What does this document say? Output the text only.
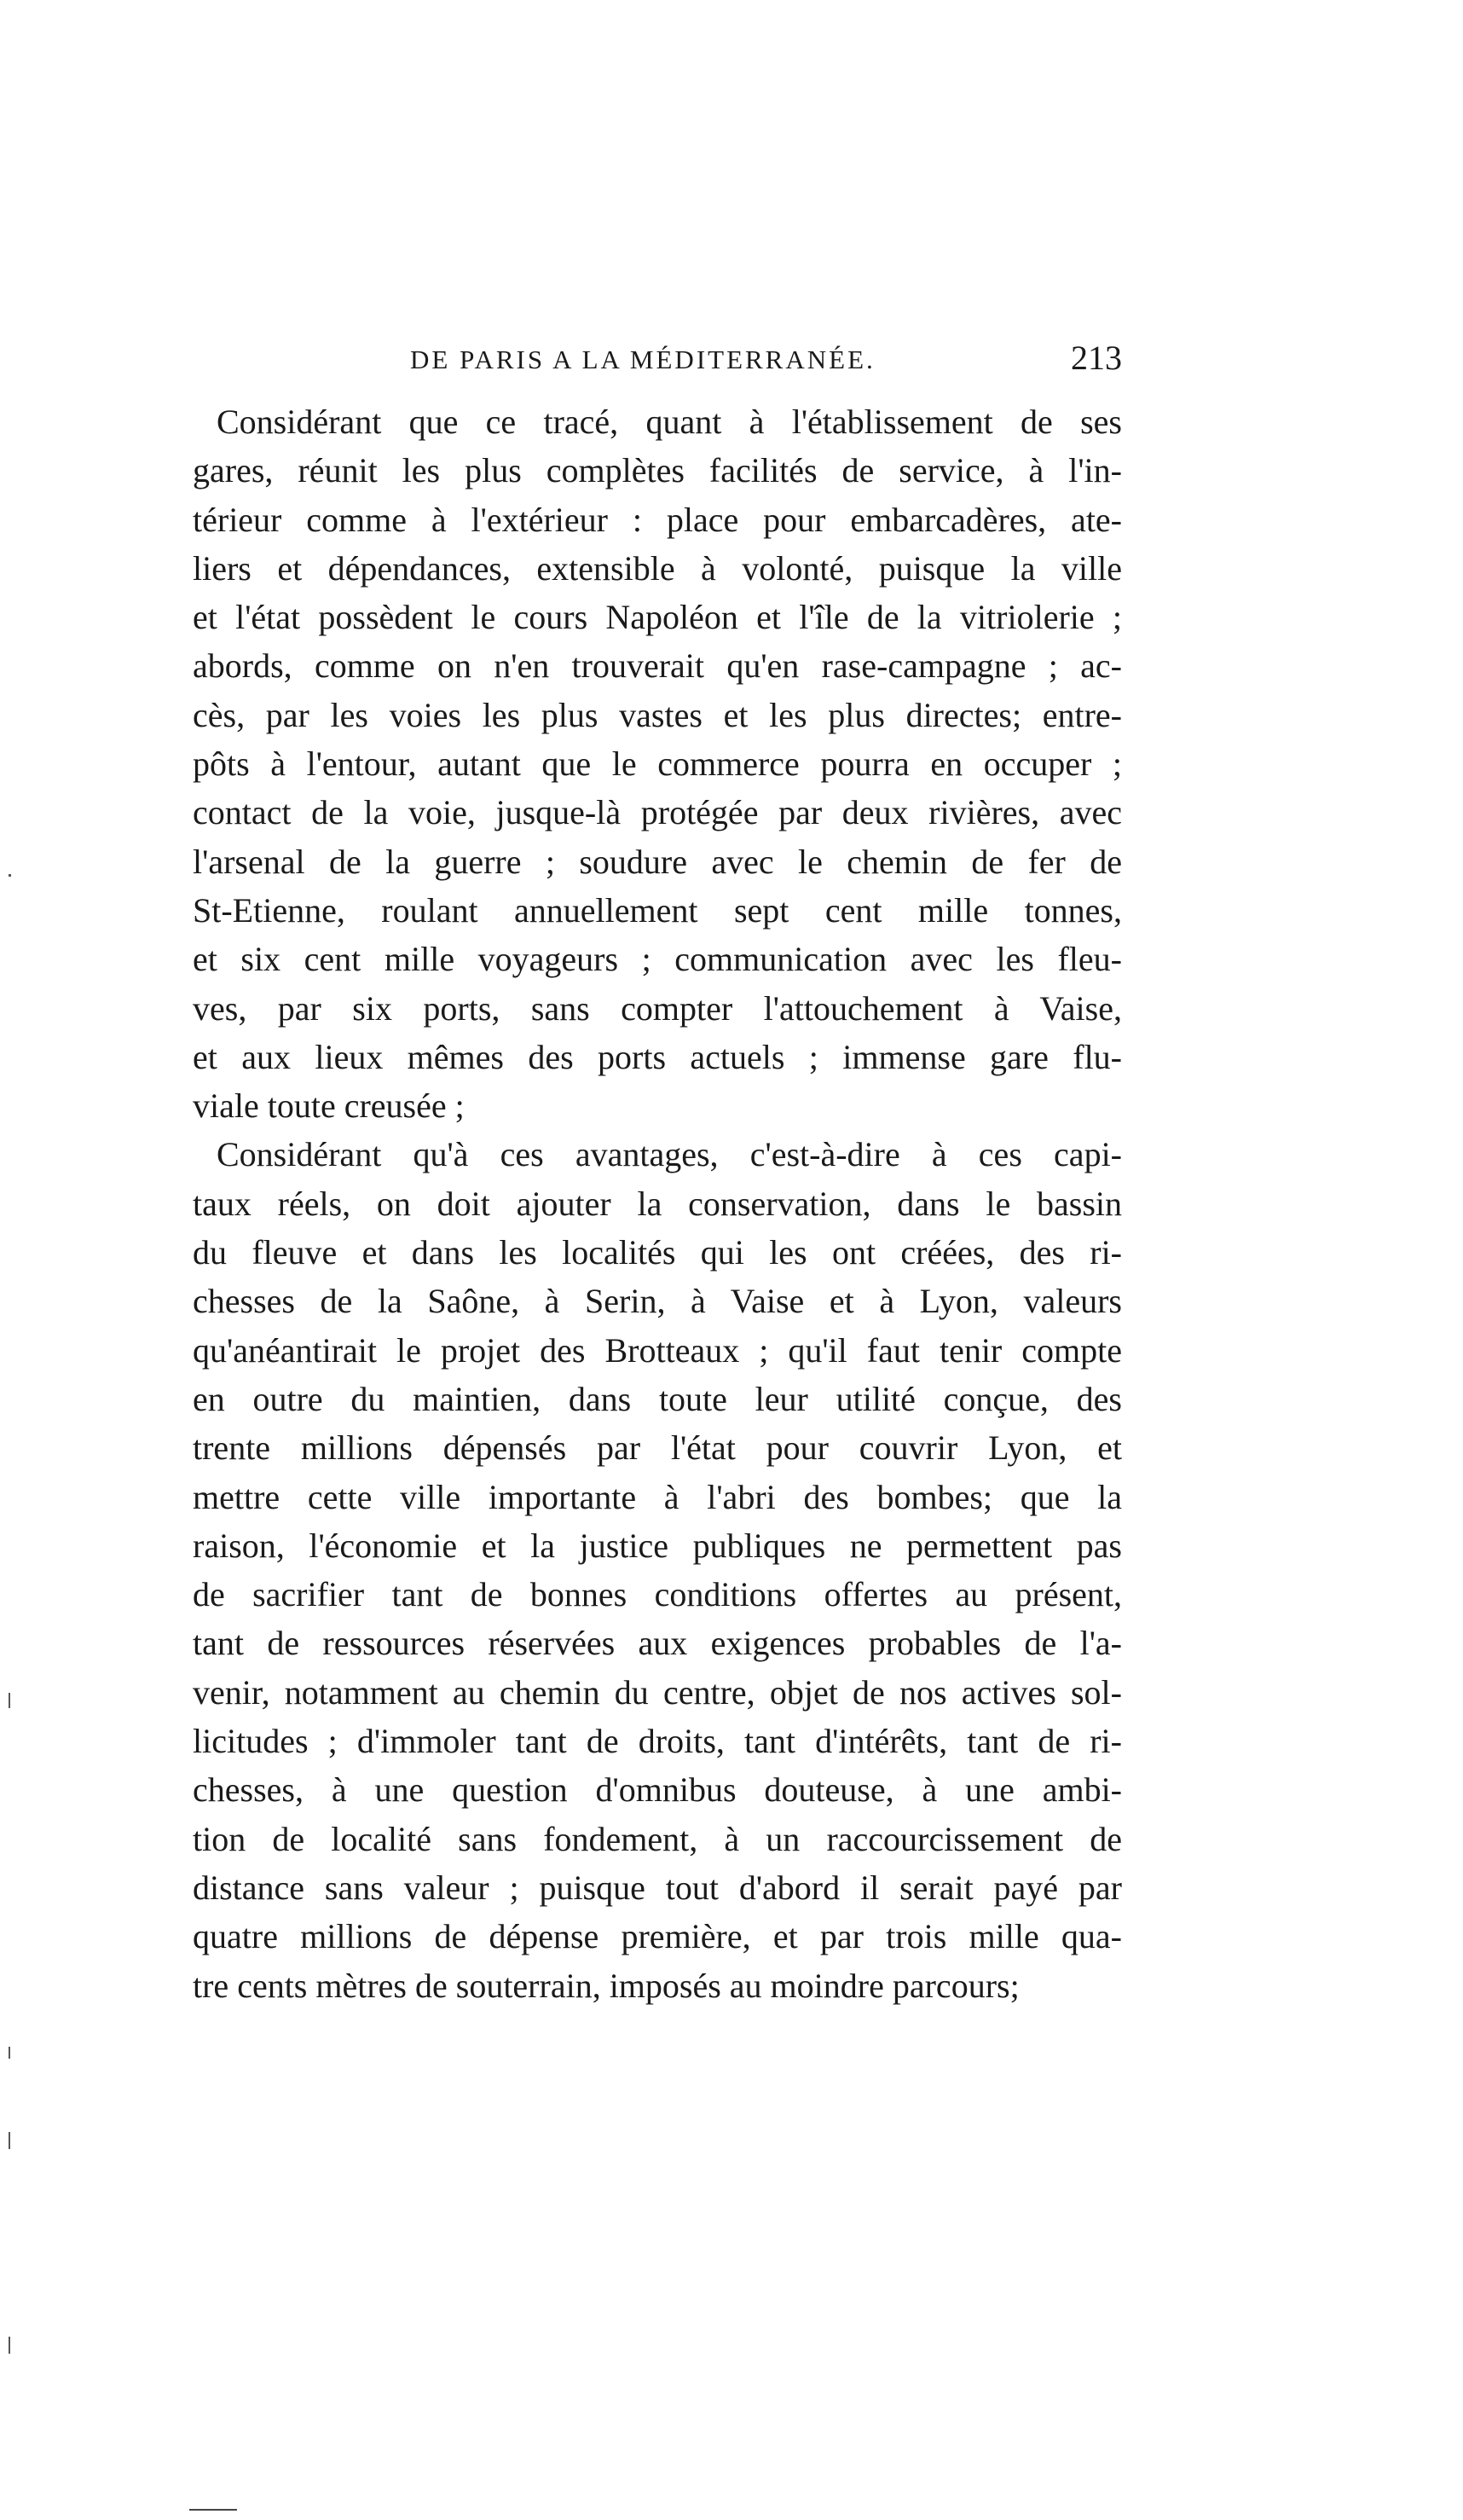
DE PARIS A LA MÉDITERRANÉE.	213
Considérant que ce tracé, quant à l'établissement de ses
gares, réunit les plus complètes facilités de service, à l'in-
térieur comme à l'extérieur : place pour embarcadères, ate-
liers et dépendances, extensible à volonté, puisque la ville
et l'état possèdent le cours Napoléon et l'île de la vitriolerie ;
abords, comme on n'en trouverait qu'en rase-campagne ; ac-
cès, par les voies les plus vastes et les plus directes; entre-
pôts à l'entour, autant que le commerce pourra en occuper ;
contact de la voie, jusque-là protégée par deux rivières, avec
l'arsenal de la guerre ; soudure avec le chemin de fer de
St-Etienne, roulant annuellement sept cent mille tonnes,
et six cent mille voyageurs ; communication avec les fleu-
ves, par six ports, sans compter l'attouchement à Vaise,
et aux lieux mêmes des ports actuels ; immense gare flu-
viale toute creusée ;
Considérant qu'à ces avantages, c'est-à-dire à ces capi-
taux réels, on doit ajouter la conservation, dans le bassin
du fleuve et dans les localités qui les ont créées, des ri-
chesses de la Saône, à Serin, à Vaise et à Lyon, valeurs
qu'anéantirait le projet des Brotteaux ; qu'il faut tenir compte
en outre du maintien, dans toute leur utilité conçue, des
trente millions dépensés par l'état pour couvrir Lyon, et
mettre cette ville importante à l'abri des bombes; que la
raison, l'économie et la justice publiques ne permettent pas
de sacrifier tant de bonnes conditions offertes au présent,
tant de ressources réservées aux exigences probables de l'a-
venir, notamment au chemin du centre, objet de nos actives sol-
licitudes ; d'immoler tant de droits, tant d'intérêts, tant de ri-
chesses, à une question d'omnibus douteuse, à une ambi-
tion de localité sans fondement, à un raccourcissement de
distance sans valeur ; puisque tout d'abord il serait payé par
quatre millions de dépense première, et par trois mille qua-
tre cents mètres de souterrain, imposés au moindre parcours;
